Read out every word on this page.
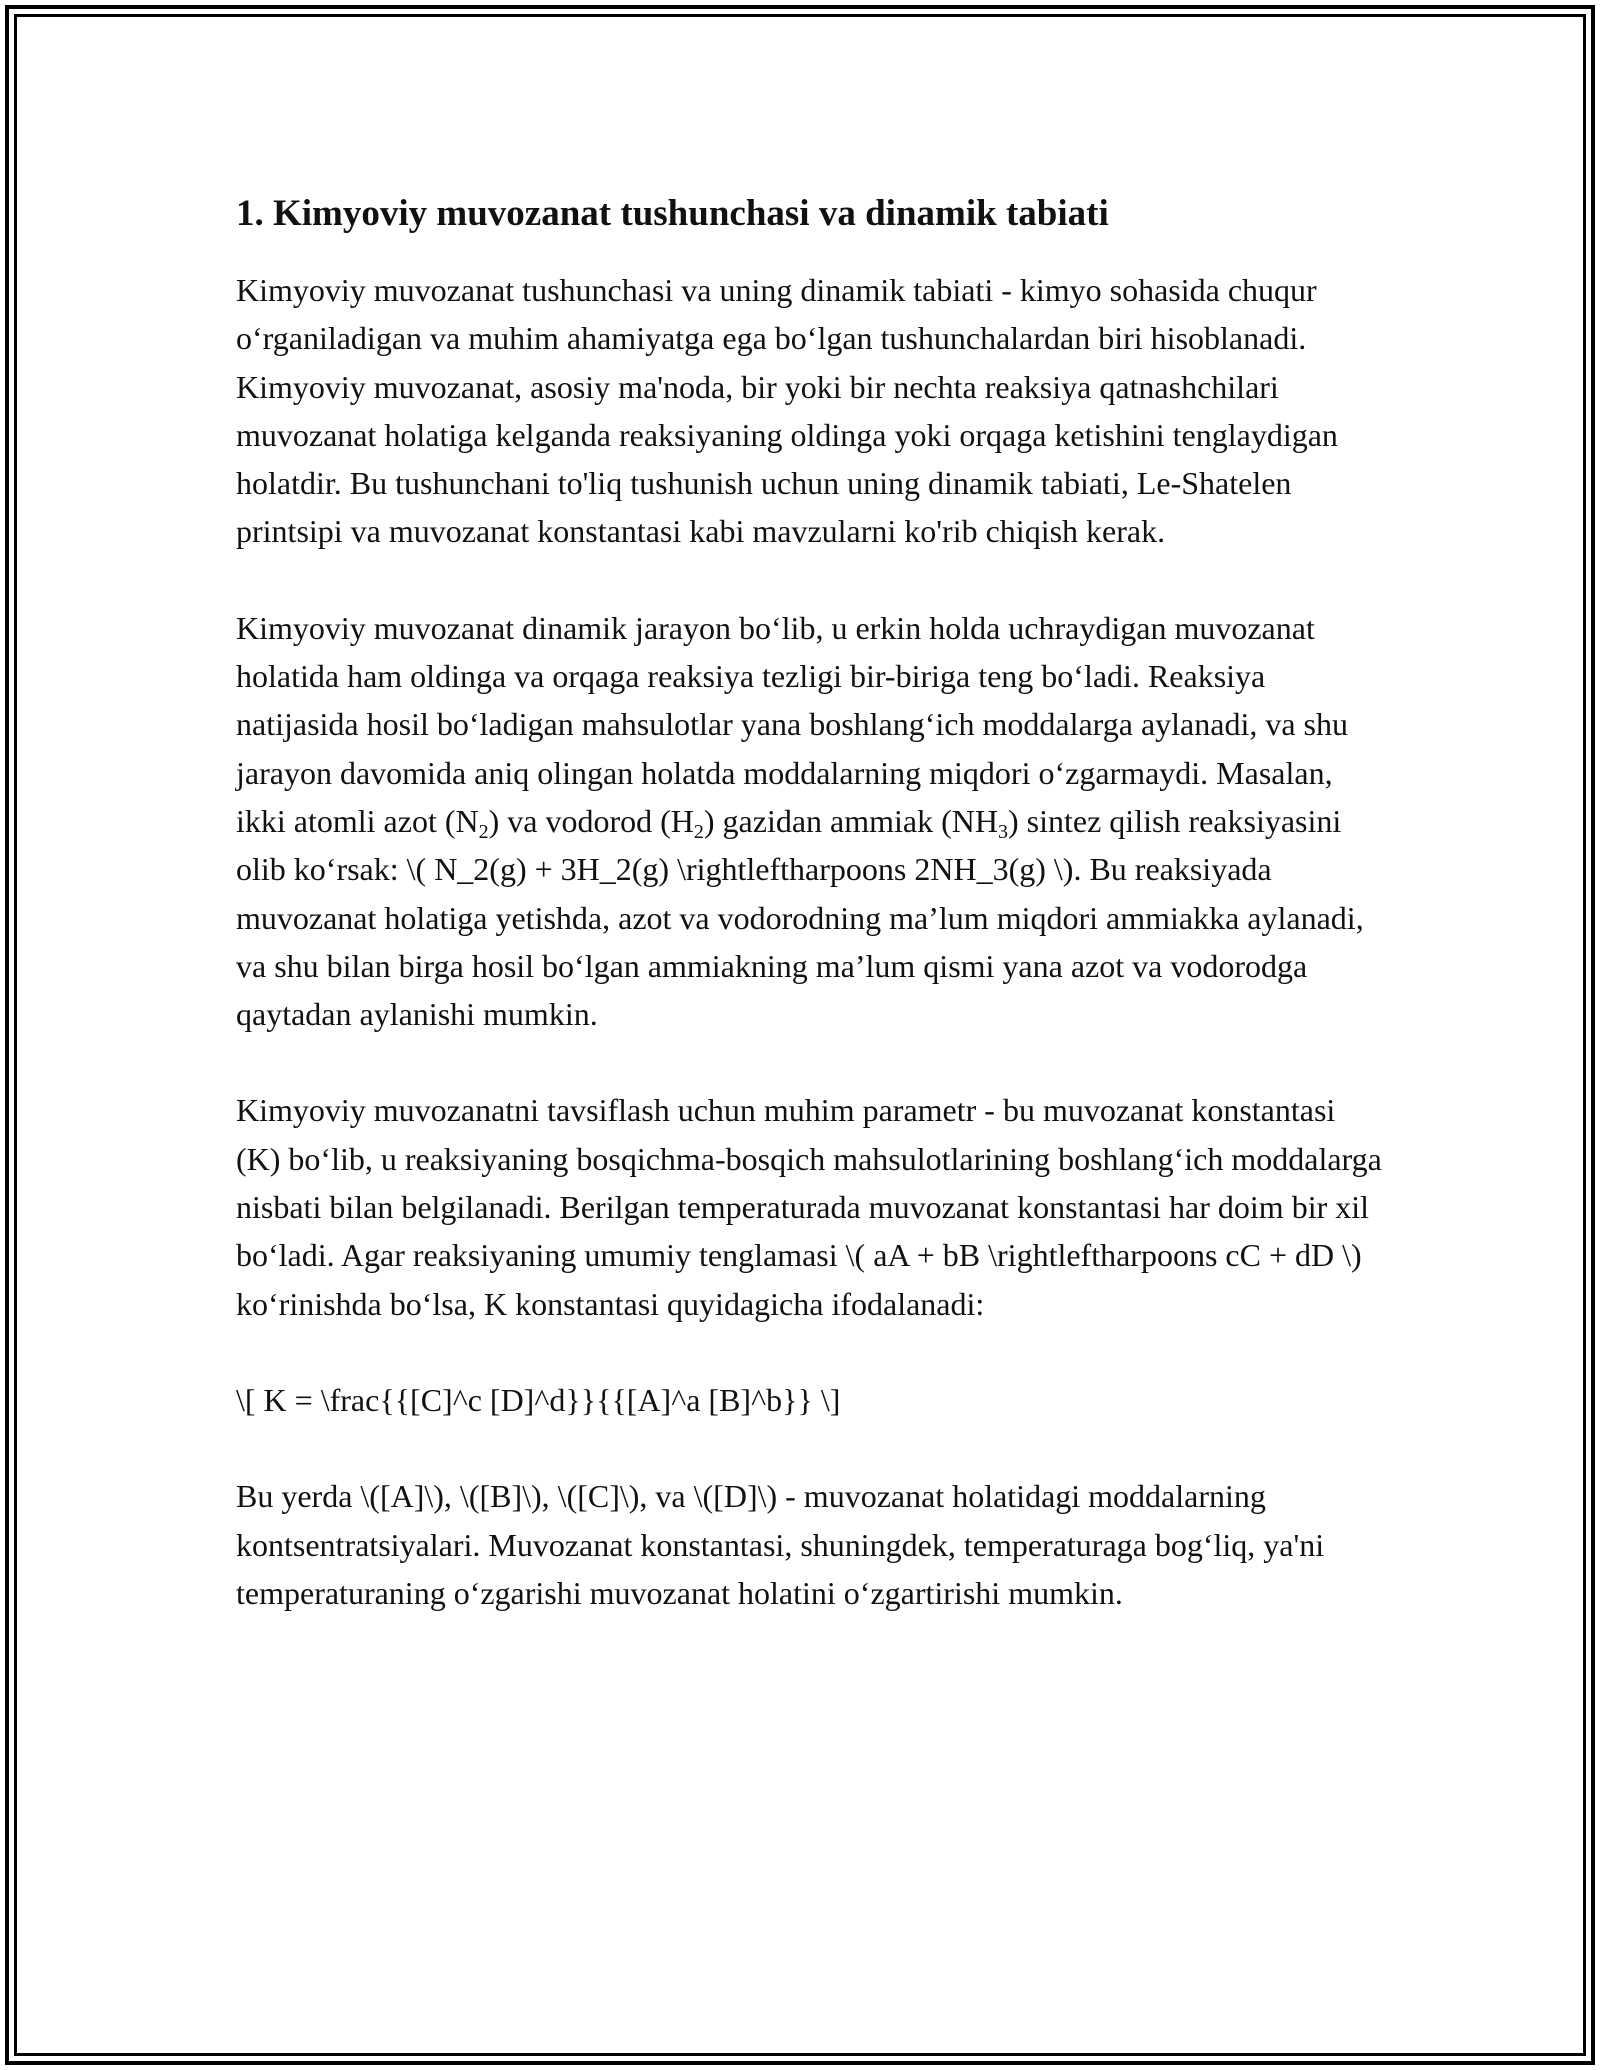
1. Kimyoviy muvozanat tushunchasi va dinamik tabiati

Kimyoviy muvozanat tushunchasi va uning dinamik tabiati - kimyo sohasida chuqur o‘rganiladigan va muhim ahamiyatga ega bo‘lgan tushunchalardan biri hisoblanadi. Kimyoviy muvozanat, asosiy ma'noda, bir yoki bir nechta reaksiya qatnashchilari muvozanat holatiga kelganda reaksiyaning oldinga yoki orqaga ketishini tenglaydigan holatdir. Bu tushunchani to'liq tushunish uchun uning dinamik tabiati, Le-Shatelen printsipi va muvozanat konstantasi kabi mavzularni ko'rib chiqish kerak.

Kimyoviy muvozanat dinamik jarayon bo‘lib, u erkin holda uchraydigan muvozanat holatida ham oldinga va orqaga reaksiya tezligi bir-biriga teng bo‘ladi. Reaksiya natijasida hosil bo‘ladigan mahsulotlar yana boshlang‘ich moddalarga aylanadi, va shu jarayon davomida aniq olingan holatda moddalarning miqdori o‘zgarmaydi. Masalan, ikki atomli azot $(N_2)$ va vodorod $(H_2)$ gazidan ammiak $(NH_3)$ sintez qilish reaksiyasini olib ko‘rsak: \( N_2(g) + 3H_2(g) \rightleftharpoons 2NH_3(g) \). Bu reaksiyada muvozanat holatiga yetishda, azot va vodorodning ma’lum miqdori ammiakka aylanadi, va shu bilan birga hosil bo‘lgan ammiakning ma’lum qismi yana azot va vodorodga qaytadan aylanishi mumkin.

Kimyoviy muvozanatni tavsiflash uchun muhim parametr - bu muvozanat konstantasi (K) bo‘lib, u reaksiyaning bosqichma-bosqich mahsulotlarining boshlang‘ich moddalarga nisbati bilan belgilanadi. Berilgan temperaturada muvozanat konstantasi har doim bir xil bo‘ladi. Agar reaksiyaning umumiy tenglamasi \( aA + bB \rightleftharpoons cC + dD \) ko‘rinishda bo‘lsa, K konstantasi quyidagicha ifodalanadi:

\[ K = \frac{{[C]^c [D]^d}}{{[A]^a [B]^b}} \]

Bu yerda \([A]\), \([B]\), \([C]\), va \([D]\) - muvozanat holatidagi moddalarning kontsentratsiyalari. Muvozanat konstantasi, shuningdek, temperaturaga bog‘liq, ya'ni temperaturaning o‘zgarishi muvozanat holatini o‘zgartirishi mumkin.
